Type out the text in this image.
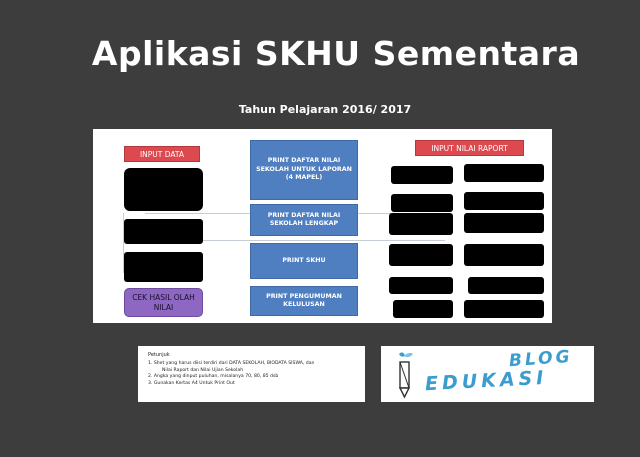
Aplikasi SKHU Sementara
Tahun Pelajaran 2016/ 2017
INPUT DATA
CEK HASIL OLAH NILAI
PRINT DAFTAR NILAI SEKOLAH UNTUK LAPORAN (4 MAPEL)
PRINT DAFTAR NILAI SEKOLAH LENGKAP
PRINT SKHU
PRINT PENGUMUMAN KELULUSAN
INPUT NILAI RAPORT
Petunjuk
1. Shet yang harus diisi terdiri dari DATA SEKOLAH, BIODATA SISWA, dan
Nilai Raport dan Nilai Ujian Sekolah
2. Angka yang dinput puluhan, misalanya 70, 80, 85 dsb
3. Gunakan Kertas A4 Untuk Print Out
BLOG
EDUKASI
